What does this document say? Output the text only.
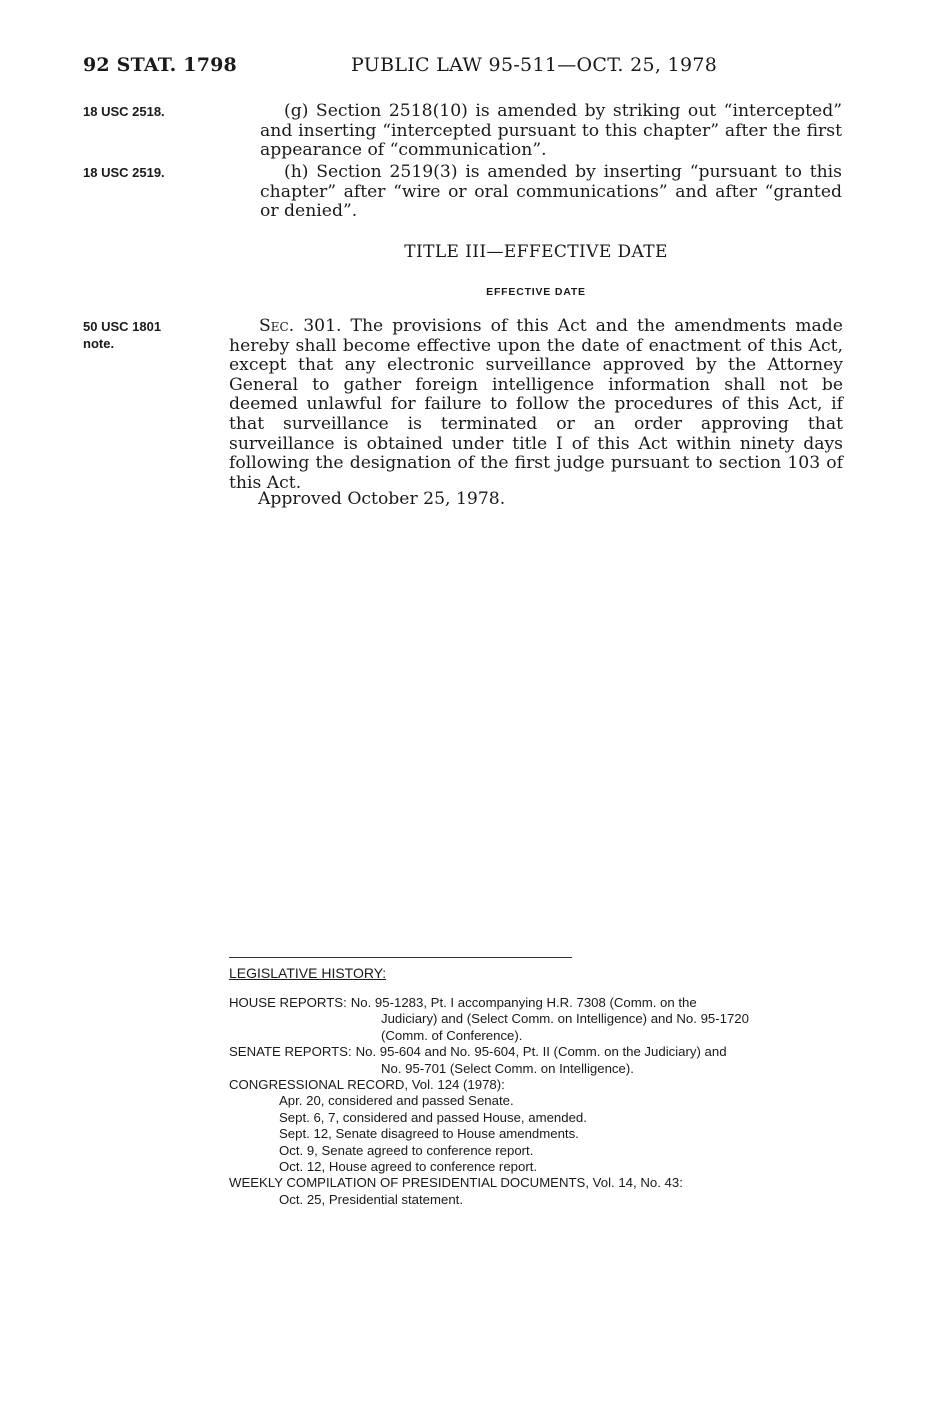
92 STAT. 1798	PUBLIC LAW 95-511—OCT. 25, 1978
18 USC 2518.
18 USC 2519.
50 USC 1801
note.
(g) Section 2518(10) is amended by striking out “intercepted” and inserting “intercepted pursuant to this chapter” after the first appearance of “communication”.
(h) Section 2519(3) is amended by inserting “pursuant to this chapter” after “wire or oral communications” and after “granted or denied”.
TITLE III—EFFECTIVE DATE
EFFECTIVE DATE
Sec. 301. The provisions of this Act and the amendments made hereby shall become effective upon the date of enactment of this Act, except that any electronic surveillance approved by the Attorney General to gather foreign intelligence information shall not be deemed unlawful for failure to follow the procedures of this Act, if that surveillance is terminated or an order approving that surveillance is obtained under title I of this Act within ninety days following the designation of the first judge pursuant to section 103 of this Act.
Approved October 25, 1978.
LEGISLATIVE HISTORY:
HOUSE REPORTS: No. 95-1283, Pt. I accompanying H.R. 7308 (Comm. on the
Judiciary) and (Select Comm. on Intelligence) and No. 95-1720
(Comm. of Conference).
SENATE REPORTS: No. 95-604 and No. 95-604, Pt. II (Comm. on the Judiciary) and
No. 95-701 (Select Comm. on Intelligence).
CONGRESSIONAL RECORD, Vol. 124 (1978):
Apr. 20, considered and passed Senate.
Sept. 6, 7, considered and passed House, amended.
Sept. 12, Senate disagreed to House amendments.
Oct. 9, Senate agreed to conference report.
Oct. 12, House agreed to conference report.
WEEKLY COMPILATION OF PRESIDENTIAL DOCUMENTS, Vol. 14, No. 43:
Oct. 25, Presidential statement.
